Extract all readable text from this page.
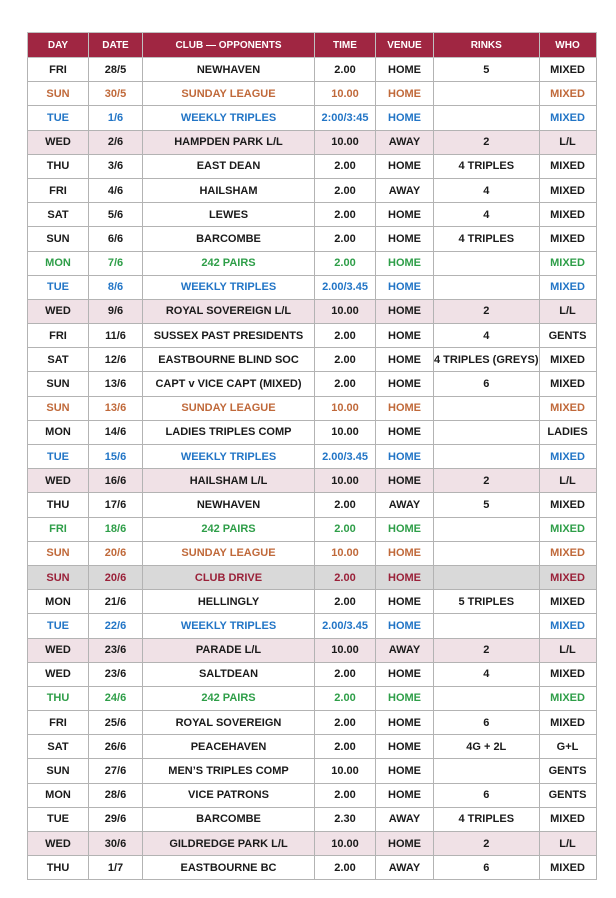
DAY	DATE	CLUB — OPPONENTS	TIME	VENUE	RINKS	WHO
FRI	28/5	NEWHAVEN	2.00	HOME	5	MIXED
SUN	30/5	SUNDAY LEAGUE	10.00	HOME		MIXED
TUE	1/6	WEEKLY TRIPLES	2:00/3:45	HOME		MIXED
WED	2/6	HAMPDEN PARK L/L	10.00	AWAY	2	L/L
THU	3/6	EAST DEAN	2.00	HOME	4 TRIPLES	MIXED
FRI	4/6	HAILSHAM	2.00	AWAY	4	MIXED
SAT	5/6	LEWES	2.00	HOME	4	MIXED
SUN	6/6	BARCOMBE	2.00	HOME	4 TRIPLES	MIXED
MON	7/6	242 PAIRS	2.00	HOME		MIXED
TUE	8/6	WEEKLY TRIPLES	2.00/3.45	HOME		MIXED
WED	9/6	ROYAL SOVEREIGN L/L	10.00	HOME	2	L/L
FRI	11/6	SUSSEX PAST PRESIDENTS	2.00	HOME	4	GENTS
SAT	12/6	EASTBOURNE BLIND SOC	2.00	HOME	4 TRIPLES (GREYS)	MIXED
SUN	13/6	CAPT v VICE CAPT (MIXED)	2.00	HOME	6	MIXED
SUN	13/6	SUNDAY LEAGUE	10.00	HOME		MIXED
MON	14/6	LADIES TRIPLES COMP	10.00	HOME		LADIES
TUE	15/6	WEEKLY TRIPLES	2.00/3.45	HOME		MIXED
WED	16/6	HAILSHAM L/L	10.00	HOME	2	L/L
THU	17/6	NEWHAVEN	2.00	AWAY	5	MIXED
FRI	18/6	242 PAIRS	2.00	HOME		MIXED
SUN	20/6	SUNDAY LEAGUE	10.00	HOME		MIXED
SUN	20/6	CLUB DRIVE	2.00	HOME		MIXED
MON	21/6	HELLINGLY	2.00	HOME	5 TRIPLES	MIXED
TUE	22/6	WEEKLY TRIPLES	2.00/3.45	HOME		MIXED
WED	23/6	PARADE L/L	10.00	AWAY	2	L/L
WED	23/6	SALTDEAN	2.00	HOME	4	MIXED
THU	24/6	242 PAIRS	2.00	HOME		MIXED
FRI	25/6	ROYAL SOVEREIGN	2.00	HOME	6	MIXED
SAT	26/6	PEACEHAVEN	2.00	HOME	4G + 2L	G+L
SUN	27/6	MEN’S TRIPLES COMP	10.00	HOME		GENTS
MON	28/6	VICE PATRONS	2.00	HOME	6	GENTS
TUE	29/6	BARCOMBE	2.30	AWAY	4 TRIPLES	MIXED
WED	30/6	GILDREDGE PARK L/L	10.00	HOME	2	L/L
THU	1/7	EASTBOURNE BC	2.00	AWAY	6	MIXED
